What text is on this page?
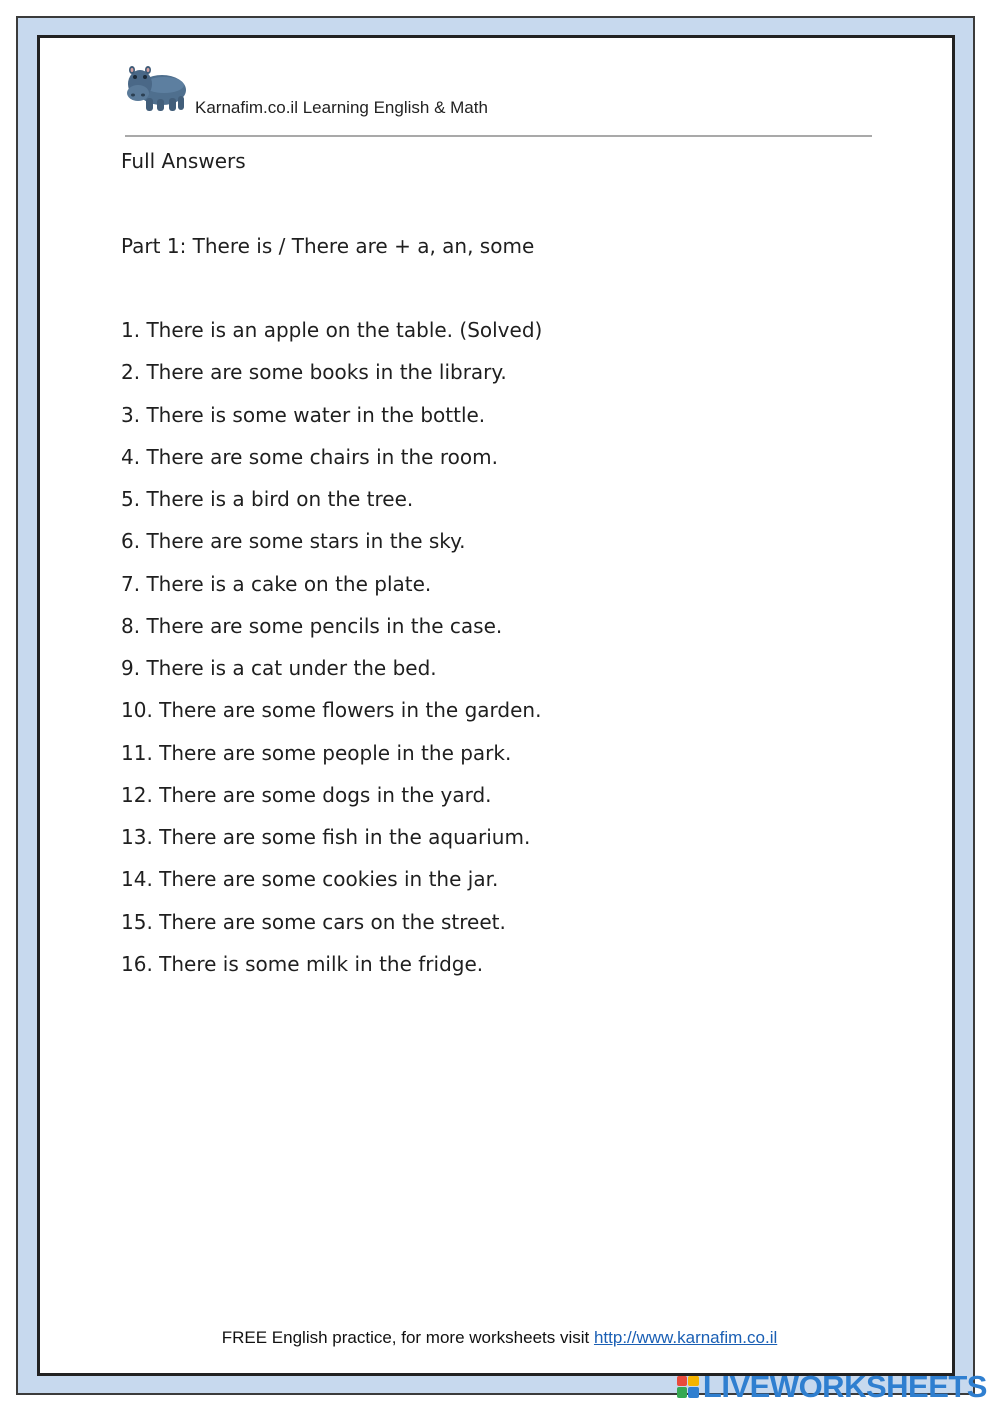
Karnafim.co.il Learning English & Math
Full Answers
Part 1: There is / There are + a, an, some
1. There is an apple on the table. (Solved)
2. There are some books in the library.
3. There is some water in the bottle.
4. There are some chairs in the room.
5. There is a bird on the tree.
6. There are some stars in the sky.
7. There is a cake on the plate.
8. There are some pencils in the case.
9. There is a cat under the bed.
10. There are some flowers in the garden.
11. There are some people in the park.
12. There are some dogs in the yard.
13. There are some fish in the aquarium.
14. There are some cookies in the jar.
15. There are some cars on the street.
16. There is some milk in the fridge.
FREE English practice, for more worksheets visit http://www.karnafim.co.il
LIVEWORKSHEETS
